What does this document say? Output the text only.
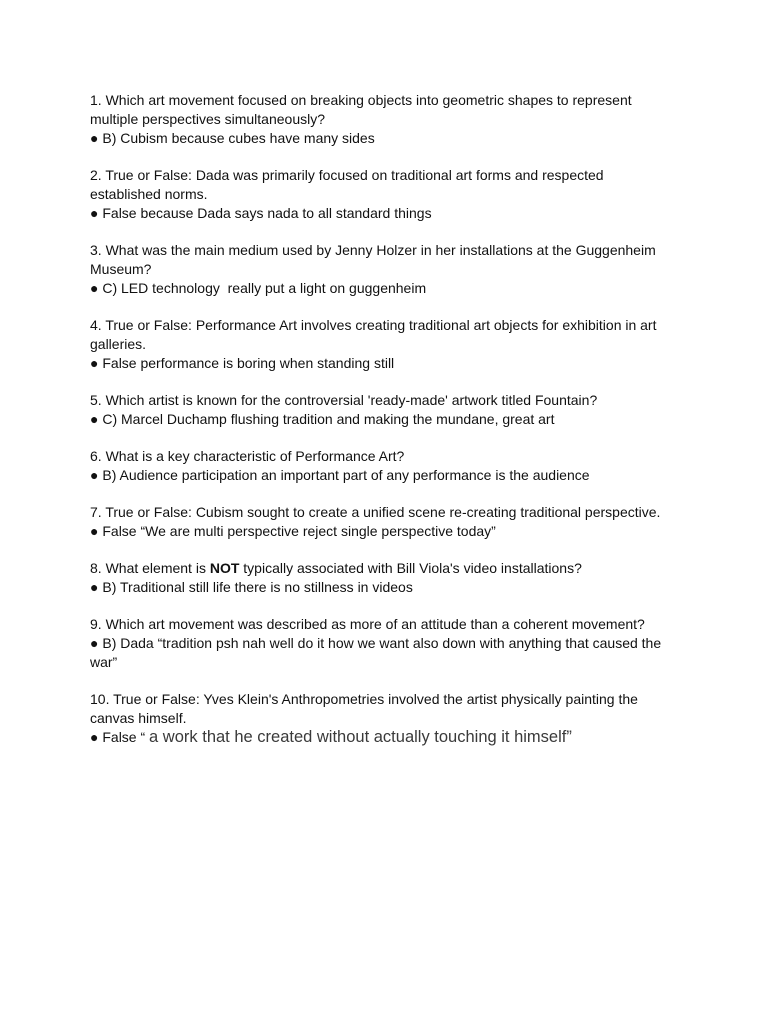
1. Which art movement focused on breaking objects into geometric shapes to represent multiple perspectives simultaneously?

● B) Cubism because cubes have many sides

2. True or False: Dada was primarily focused on traditional art forms and respected established norms.

● False because Dada says nada to all standard things

3. What was the main medium used by Jenny Holzer in her installations at the Guggenheim Museum?

● C) LED technology  really put a light on guggenheim

4. True or False: Performance Art involves creating traditional art objects for exhibition in art galleries.

● False performance is boring when standing still

5. Which artist is known for the controversial 'ready-made' artwork titled Fountain?

● C) Marcel Duchamp flushing tradition and making the mundane, great art

6. What is a key characteristic of Performance Art?

● B) Audience participation an important part of any performance is the audience

7. True or False: Cubism sought to create a unified scene re-creating traditional perspective.

● False “We are multi perspective reject single perspective today”

8. What element is NOT typically associated with Bill Viola's video installations?

● B) Traditional still life there is no stillness in videos

9. Which art movement was described as more of an attitude than a coherent movement?

● B) Dada “tradition psh nah well do it how we want also down with anything that caused the war”

10. True or False: Yves Klein's Anthropometries involved the artist physically painting the canvas himself.

● False “ a work that he created without actually touching it himself”
